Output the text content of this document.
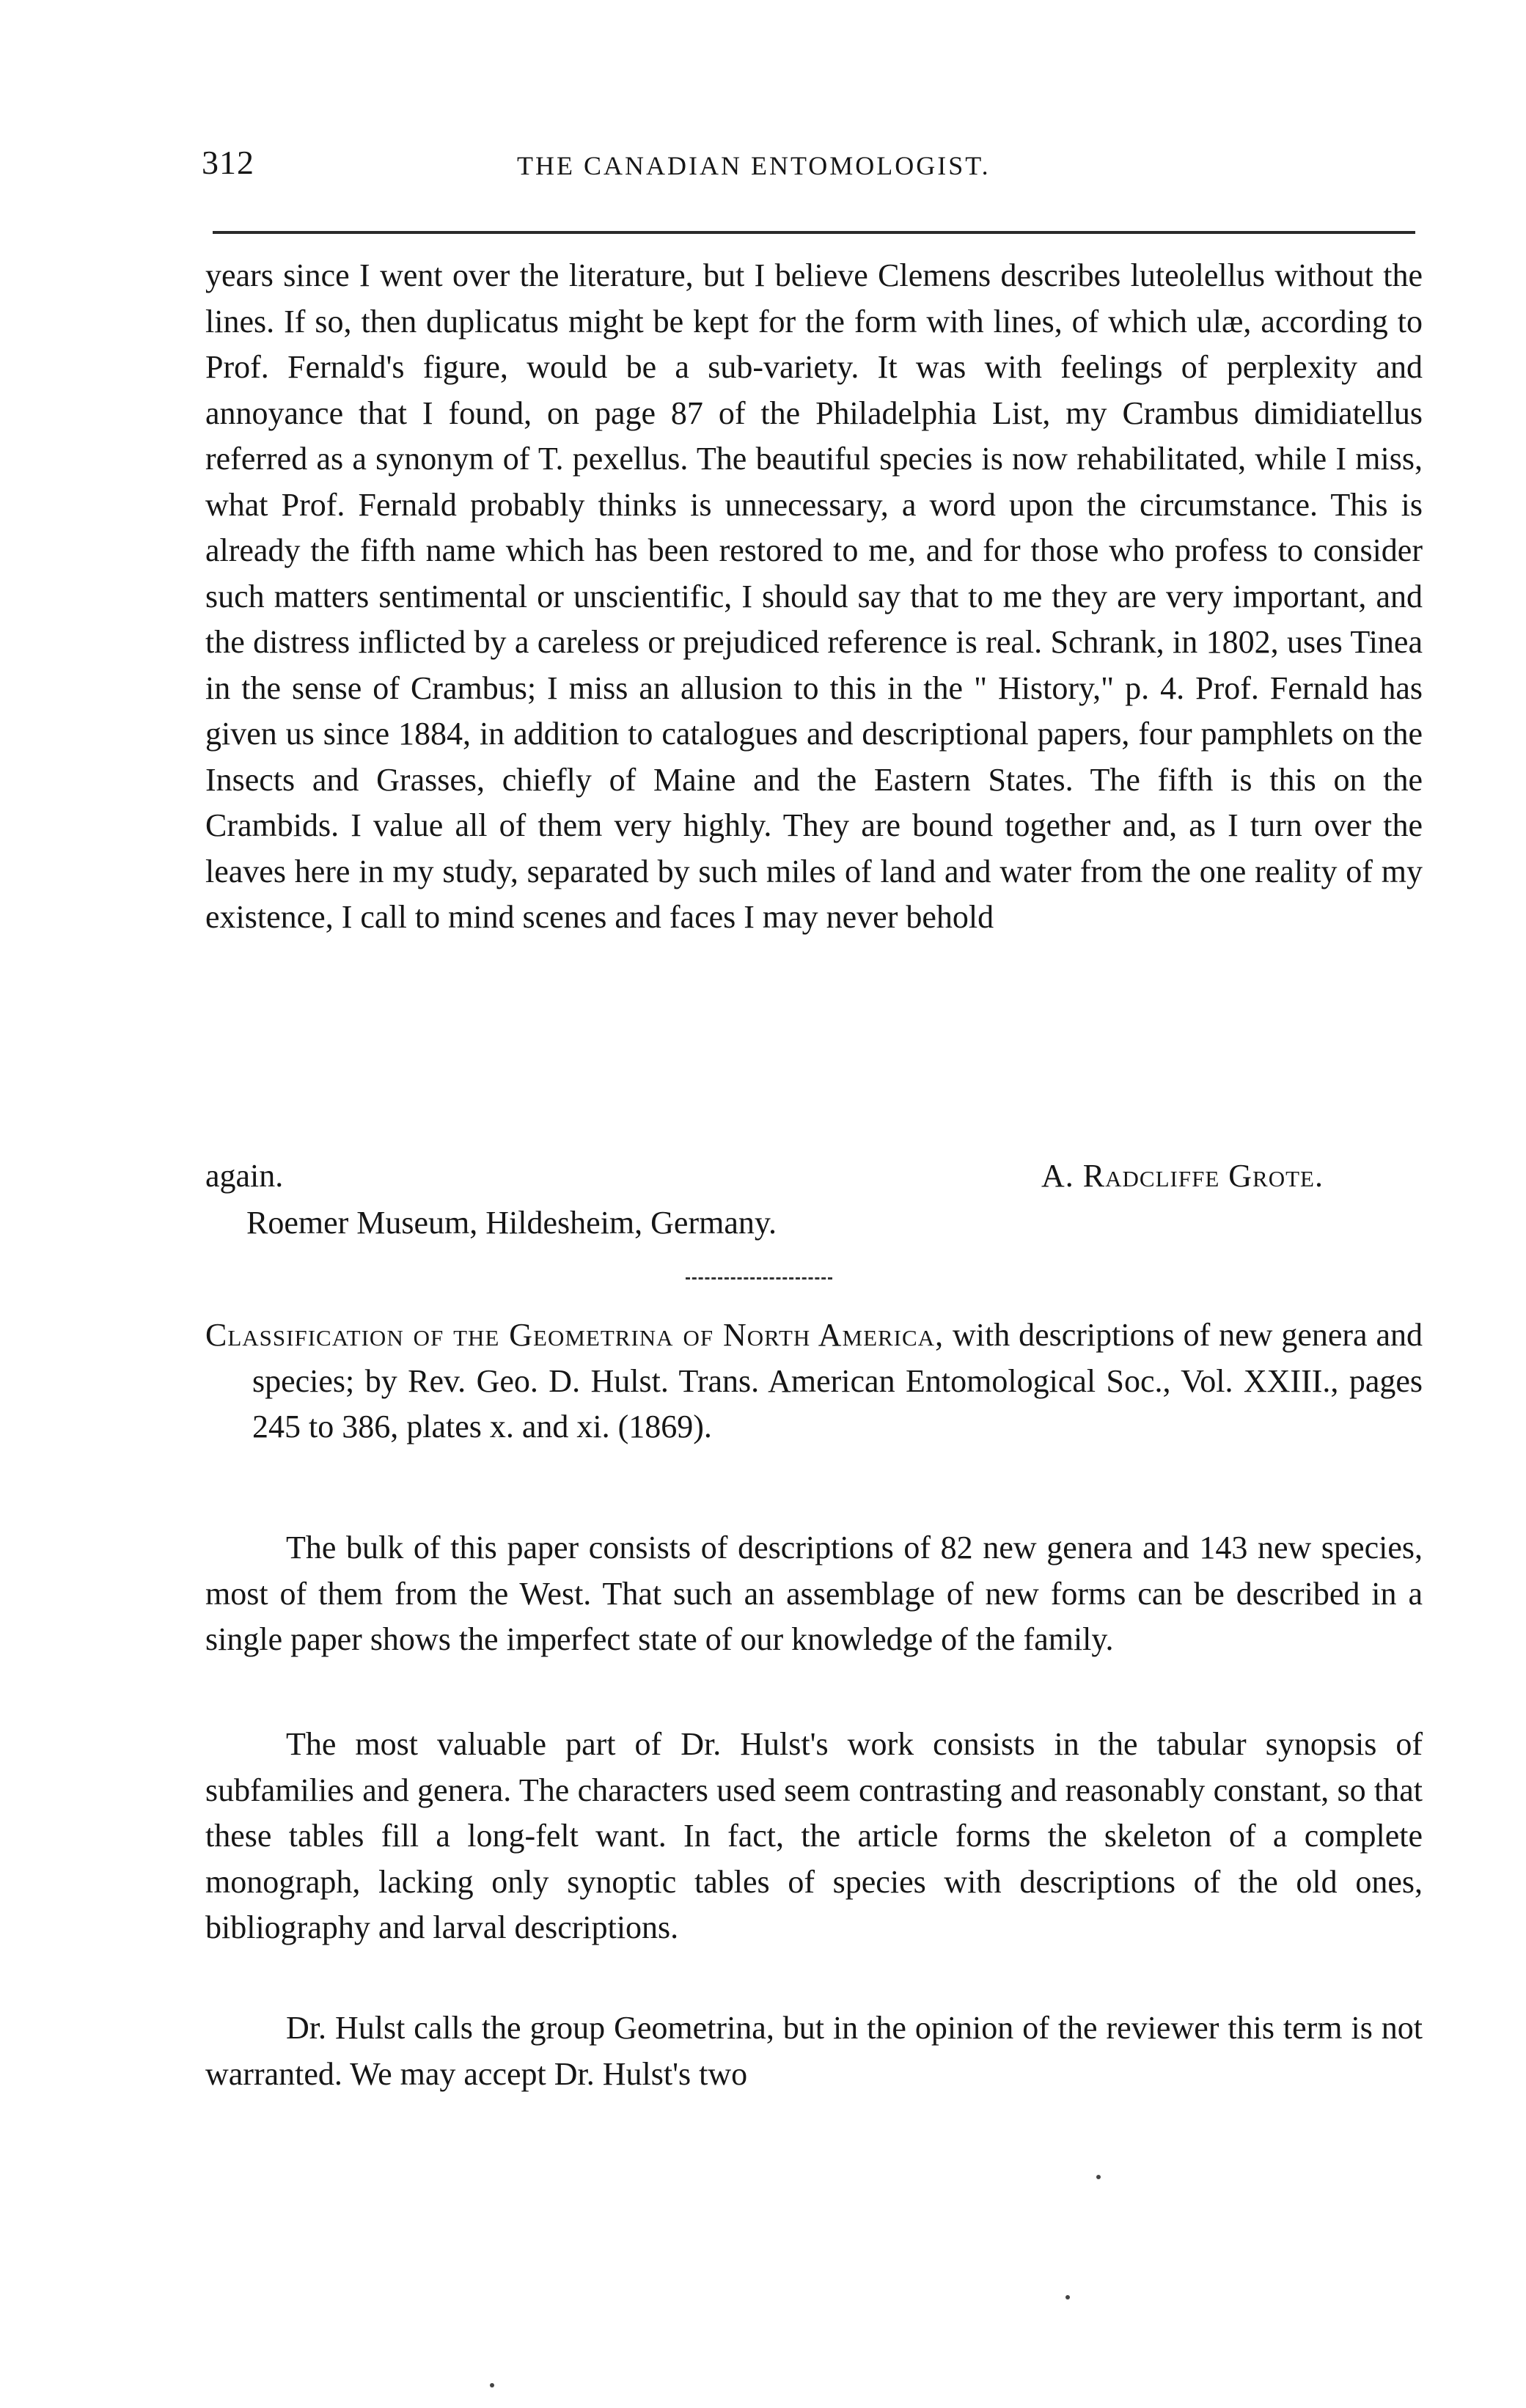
312	THE CANADIAN ENTOMOLOGIST.

years since I went over the literature, but I believe Clemens describes luteolellus without the lines. If so, then duplicatus might be kept for the form with lines, of which ulæ, according to Prof. Fernald's figure, would be a sub-variety. It was with feelings of perplexity and annoyance that I found, on page 87 of the Philadelphia List, my Crambus dimidiatellus referred as a synonym of T. pexellus. The beautiful species is now rehabilitated, while I miss, what Prof. Fernald probably thinks is unnecessary, a word upon the circumstance. This is already the fifth name which has been restored to me, and for those who profess to consider such matters sentimental or unscientific, I should say that to me they are very important, and the distress inflicted by a careless or prejudiced reference is real. Schrank, in 1802, uses Tinea in the sense of Crambus; I miss an allusion to this in the " History," p. 4. Prof. Fernald has given us since 1884, in addition to catalogues and descriptional papers, four pamphlets on the Insects and Grasses, chiefly of Maine and the Eastern States. The fifth is this on the Crambids. I value all of them very highly. They are bound together and, as I turn over the leaves here in my study, separated by such miles of land and water from the one reality of my existence, I call to mind scenes and faces I may never behold

again.	A. Radcliffe Grote.
Roemer Museum, Hildesheim, Germany.
Classification of the Geometrina of North America, with descriptions of new genera and species; by Rev. Geo. D. Hulst. Trans. American Entomological Soc., Vol. XXIII., pages 245 to 386, plates x. and xi. (1869).

The bulk of this paper consists of descriptions of 82 new genera and 143 new species, most of them from the West. That such an assemblage of new forms can be described in a single paper shows the imperfect state of our knowledge of the family.

The most valuable part of Dr. Hulst's work consists in the tabular synopsis of subfamilies and genera. The characters used seem contrasting and reasonably constant, so that these tables fill a long-felt want. In fact, the article forms the skeleton of a complete monograph, lacking only synoptic tables of species with descriptions of the old ones, bibliography and larval descriptions.

Dr. Hulst calls the group Geometrina, but in the opinion of the reviewer this term is not warranted. We may accept Dr. Hulst's two
